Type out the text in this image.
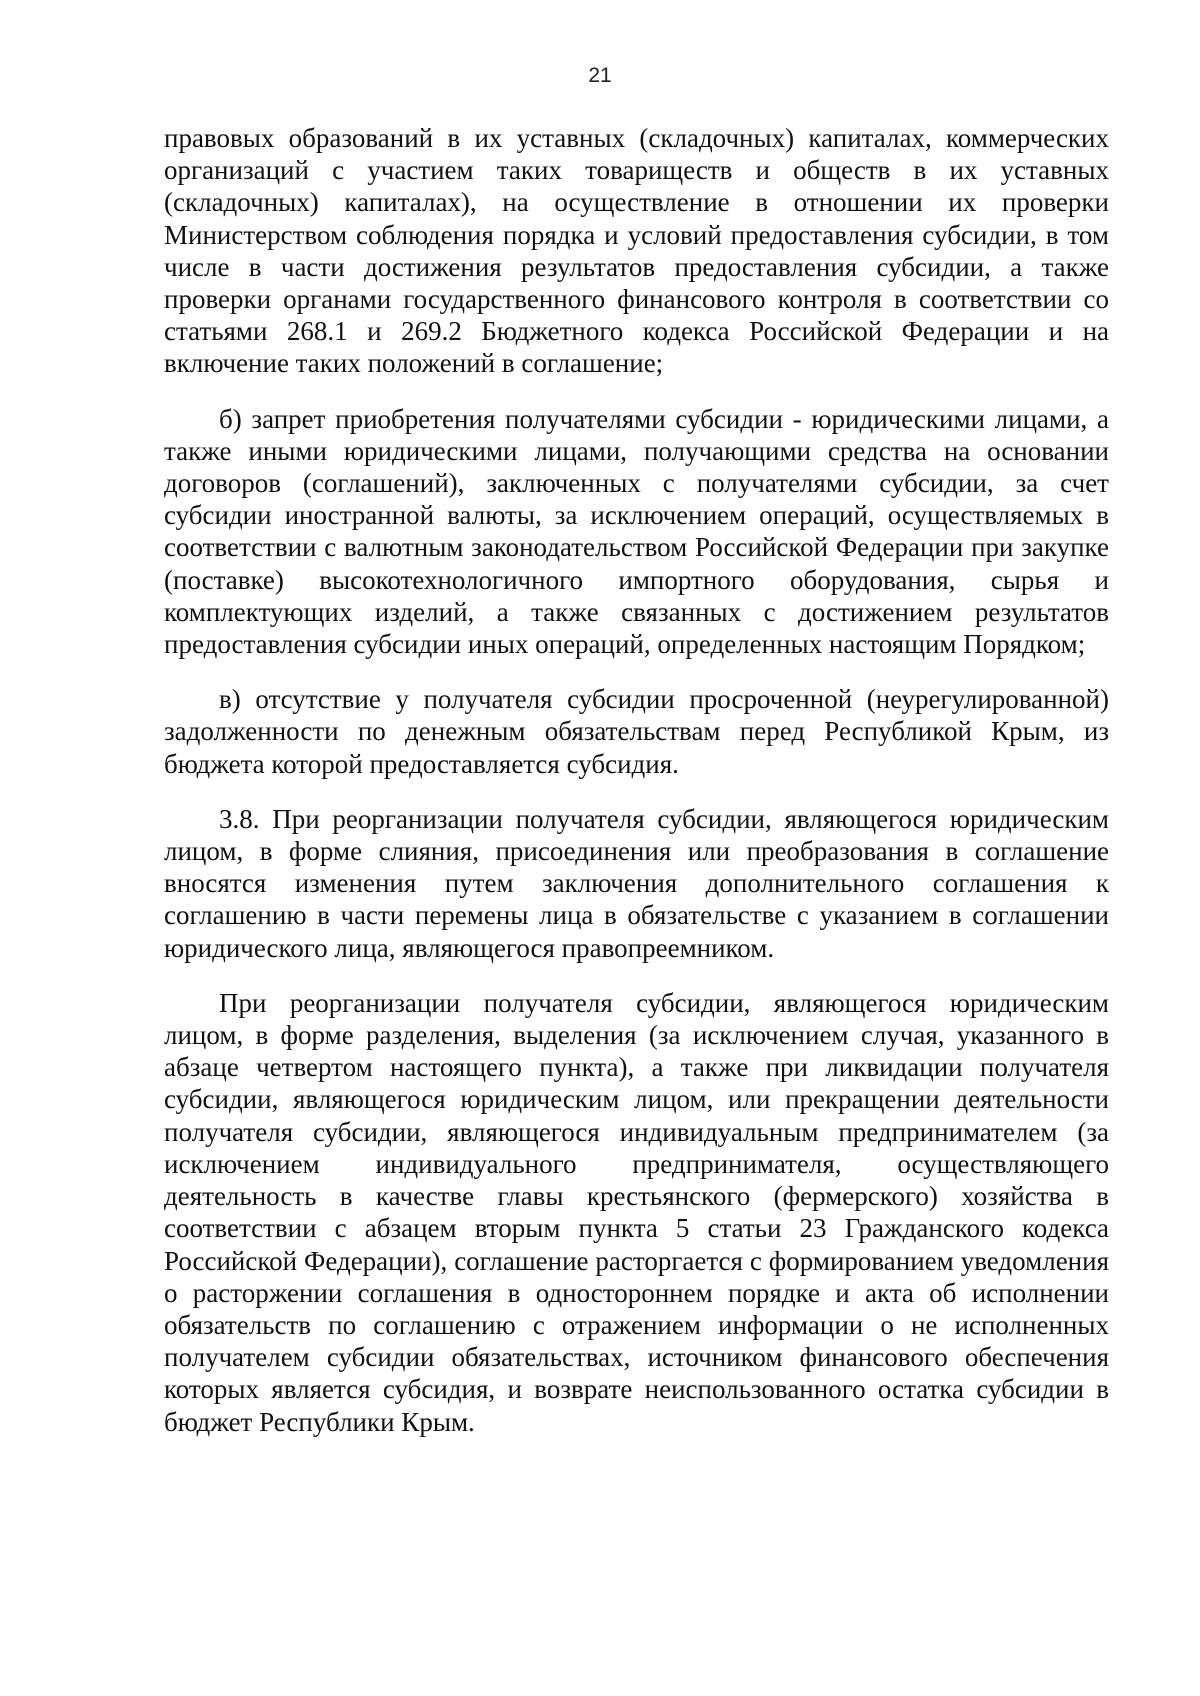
21

правовых образований в их уставных (складочных) капиталах, коммерческих организаций с участием таких товариществ и обществ в их уставных (складочных) капиталах), на осуществление в отношении их проверки Министерством соблюдения порядка и условий предоставления субсидии, в том числе в части достижения результатов предоставления субсидии, а также проверки органами государственного финансового контроля в соответствии со статьями 268.1 и 269.2 Бюджетного кодекса Российской Федерации и на включение таких положений в соглашение;

б) запрет приобретения получателями субсидии - юридическими лицами, а также иными юридическими лицами, получающими средства на основании договоров (соглашений), заключенных с получателями субсидии, за счет субсидии иностранной валюты, за исключением операций, осуществляемых в соответствии с валютным законодательством Российской Федерации при закупке (поставке) высокотехнологичного импортного оборудования, сырья и комплектующих изделий, а также связанных с достижением результатов предоставления субсидии иных операций, определенных настоящим Порядком;

в) отсутствие у получателя субсидии просроченной (неурегулированной) задолженности по денежным обязательствам перед Республикой Крым, из бюджета которой предоставляется субсидия.

3.8. При реорганизации получателя субсидии, являющегося юридическим лицом, в форме слияния, присоединения или преобразования в соглашение вносятся изменения путем заключения дополнительного соглашения к соглашению в части перемены лица в обязательстве с указанием в соглашении юридического лица, являющегося правопреемником.

При реорганизации получателя субсидии, являющегося юридическим лицом, в форме разделения, выделения (за исключением случая, указанного в абзаце четвертом настоящего пункта), а также при ликвидации получателя субсидии, являющегося юридическим лицом, или прекращении деятельности получателя субсидии, являющегося индивидуальным предпринимателем (за исключением индивидуального предпринимателя, осуществляющего деятельность в качестве главы крестьянского (фермерского) хозяйства в соответствии с абзацем вторым пункта 5 статьи 23 Гражданского кодекса Российской Федерации), соглашение расторгается с формированием уведомления о расторжении соглашения в одностороннем порядке и акта об исполнении обязательств по соглашению с отражением информации о не исполненных получателем субсидии обязательствах, источником финансового обеспечения которых является субсидия, и возврате неиспользованного остатка субсидии в бюджет Республики Крым.
